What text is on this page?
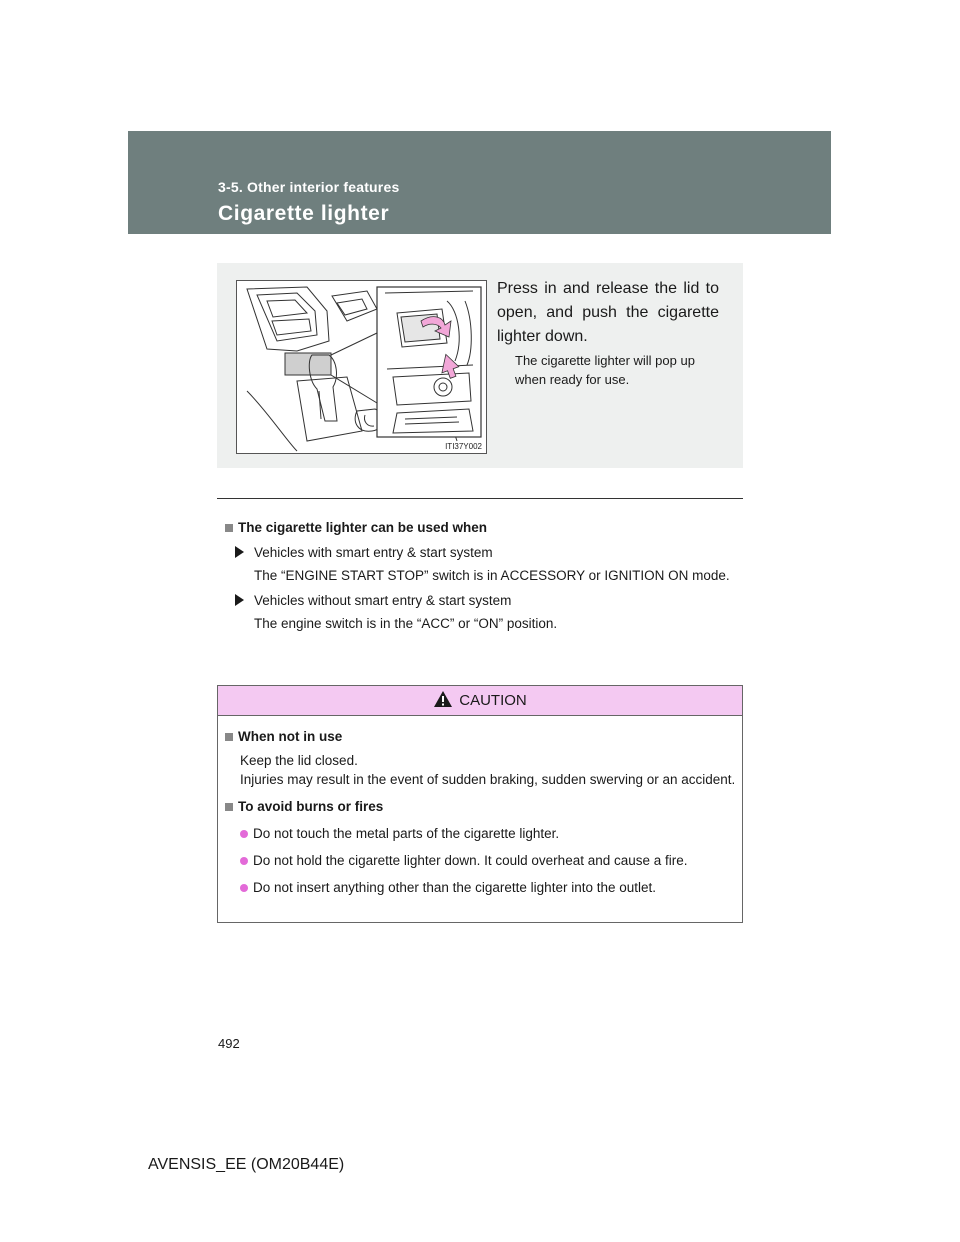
3-5. Other interior features
Cigarette lighter
ITI37Y002
Press in and release the lid to open, and push the cigarette lighter down.
The cigarette lighter will pop up when ready for use.
The cigarette lighter can be used when
Vehicles with smart entry & start system
The “ENGINE START STOP” switch is in ACCESSORY or IGNITION ON mode.
Vehicles without smart entry & start system
The engine switch is in the “ACC” or “ON” position.
CAUTION
When not in use
Keep the lid closed.
Injuries may result in the event of sudden braking, sudden swerving or an accident.
To avoid burns or fires
Do not touch the metal parts of the cigarette lighter.
Do not hold the cigarette lighter down. It could overheat and cause a fire.
Do not insert anything other than the cigarette lighter into the outlet.
492
AVENSIS_EE (OM20B44E)
